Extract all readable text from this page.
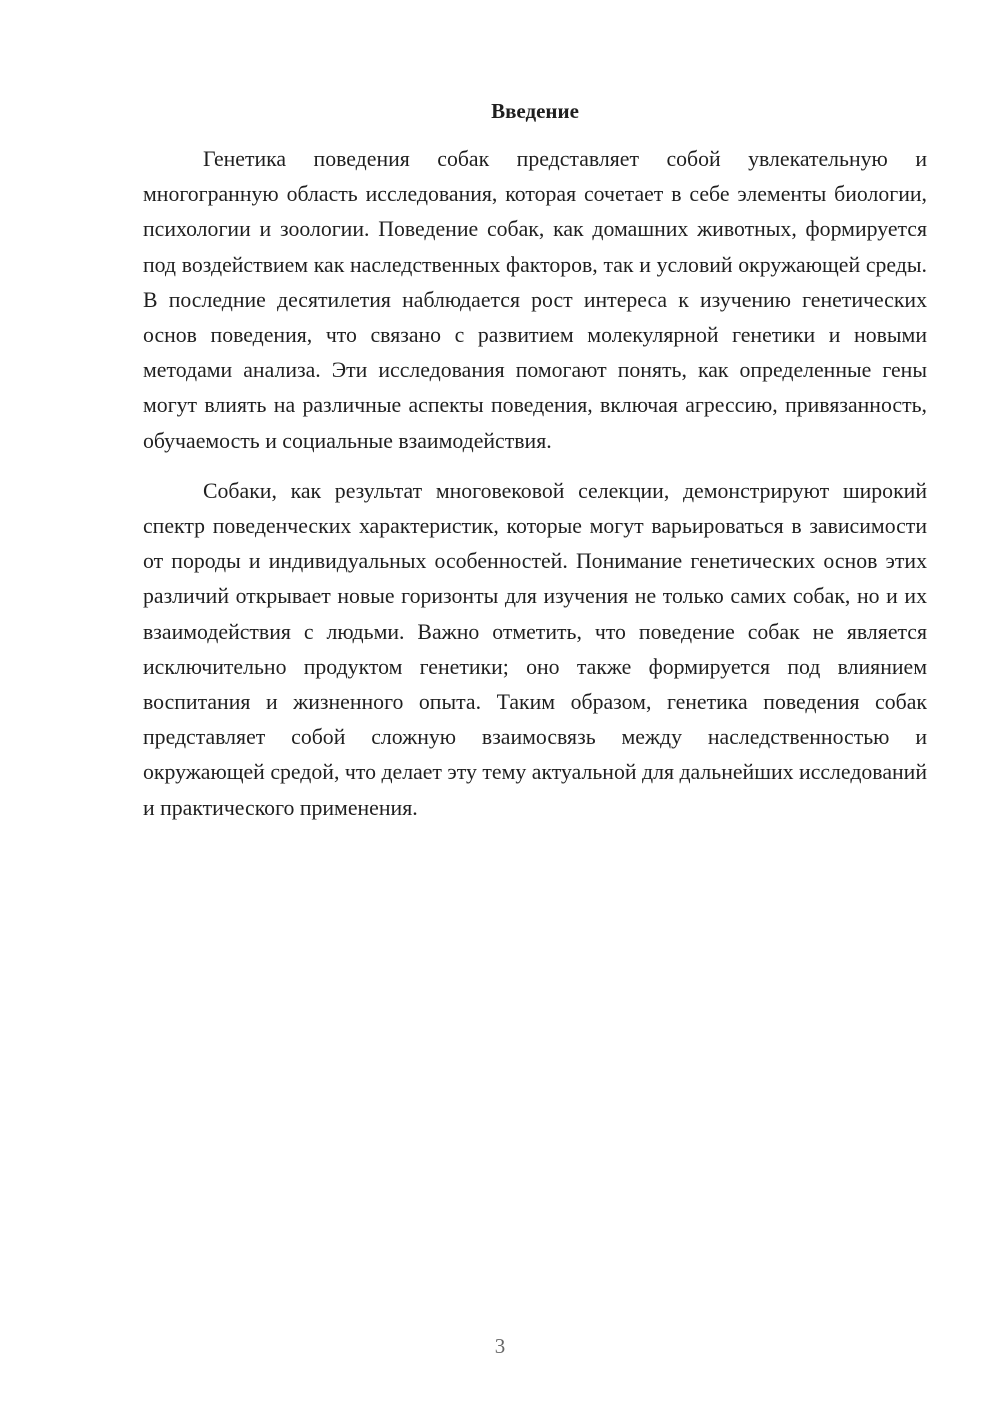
Введение

Генетика поведения собак представляет собой увлекательную и многогранную область исследования, которая сочетает в себе элементы биологии, психологии и зоологии. Поведение собак, как домашних животных, формируется под воздействием как наследственных факторов, так и условий окружающей среды. В последние десятилетия наблюдается рост интереса к изучению генетических основ поведения, что связано с развитием молекулярной генетики и новыми методами анализа. Эти исследования помогают понять, как определенные гены могут влиять на различные аспекты поведения, включая агрессию, привязанность, обучаемость и социальные взаимодействия.

Собаки, как результат многовековой селекции, демонстрируют широкий спектр поведенческих характеристик, которые могут варьироваться в зависимости от породы и индивидуальных особенностей. Понимание генетических основ этих различий открывает новые горизонты для изучения не только самих собак, но и их взаимодействия с людьми. Важно отметить, что поведение собак не является исключительно продуктом генетики; оно также формируется под влиянием воспитания и жизненного опыта. Таким образом, генетика поведения собак представляет собой сложную взаимосвязь между наследственностью и окружающей средой, что делает эту тему актуальной для дальнейших исследований и практического применения.

3
